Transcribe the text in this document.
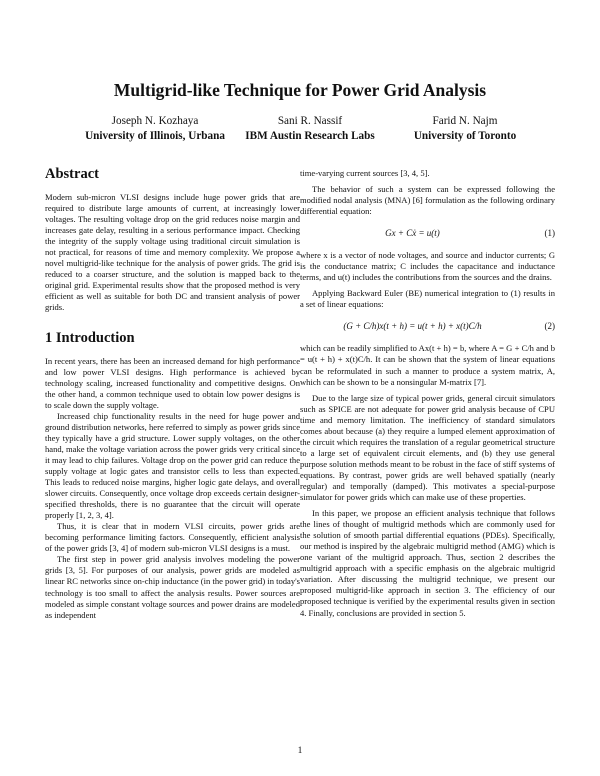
Multigrid-like Technique for Power Grid Analysis
Joseph N. Kozhaya
University of Illinois, Urbana
Sani R. Nassif
IBM Austin Research Labs
Farid N. Najm
University of Toronto
Abstract

Modern sub-micron VLSI designs include huge power grids that are required to distribute large amounts of current, at increasingly lower voltages. The resulting voltage drop on the grid reduces noise margin and increases gate delay, resulting in a serious performance impact. Checking the integrity of the supply voltage using traditional circuit simulation is not practical, for reasons of time and memory complexity. We propose a novel multigrid-like technique for the analysis of power grids. The grid is reduced to a coarser structure, and the solution is mapped back to the original grid. Experimental results show that the proposed method is very efficient as well as suitable for both DC and transient analysis of power grids.

1 Introduction

In recent years, there has been an increased demand for high performance and low power VLSI designs. High performance is achieved by technology scaling, increased functionality and competitive designs. On the other hand, a common technique used to obtain low power designs is to scale down the supply voltage.

Increased chip functionality results in the need for huge power and ground distribution networks, here referred to simply as power grids since they typically have a grid structure. Lower supply voltages, on the other hand, make the voltage variation across the power grids very critical since it may lead to chip failures. Voltage drop on the power grid can reduce the supply voltage at logic gates and transistor cells to less than expected. This leads to reduced noise margins, higher logic gate delays, and overall slower circuits. Consequently, once voltage drop exceeds certain designer-specified thresholds, there is no guarantee that the circuit will operate properly [1, 2, 3, 4].

Thus, it is clear that in modern VLSI circuits, power grids are becoming performance limiting factors. Consequently, efficient analysis of the power grids [3, 4] of modern sub-micron VLSI designs is a must.

The first step in power grid analysis involves modeling the power grids [3, 5]. For purposes of our analysis, power grids are modeled as linear RC networks since on-chip inductance (in the power grid) in today's technology is too small to affect the analysis results. Power sources are modeled as simple constant voltage sources and power drains are modeled as independent

time-varying current sources [3, 4, 5].

The behavior of such a system can be expressed following the modified nodal analysis (MNA) [6] formulation as the following ordinary differential equation:

Gx + Cẋ = u(t)	(1)

where x is a vector of node voltages, and source and inductor currents; G is the conductance matrix; C includes the capacitance and inductance terms, and u(t) includes the contributions from the sources and the drains.

Applying Backward Euler (BE) numerical integration to (1) results in a set of linear equations:

(G + C/h)x(t + h) = u(t + h) + x(t)C/h	(2)

which can be readily simplified to Ax(t + h) = b, where A = G + C/h and b = u(t + h) + x(t)C/h. It can be shown that the system of linear equations can be reformulated in such a manner to produce a system matrix, A, which can be shown to be a nonsingular M-matrix [7].

Due to the large size of typical power grids, general circuit simulators such as SPICE are not adequate for power grid analysis because of CPU time and memory limitation. The inefficiency of standard simulators comes about because (a) they require a lumped element approximation of the circuit which requires the translation of a regular geometrical structure to a large set of equivalent circuit elements, and (b) they use general purpose solution methods meant to be robust in the face of stiff systems of equations. By contrast, power grids are well behaved spatially (nearly regular) and temporally (damped). This motivates a special-purpose simulator for power grids which can make use of these properties.

In this paper, we propose an efficient analysis technique that follows the lines of thought of multigrid methods which are commonly used for the solution of smooth partial differential equations (PDEs). Specifically, our method is inspired by the algebraic multigrid method (AMG) which is one variant of the multigrid approach. Thus, section 2 describes the multigrid approach with a specific emphasis on the algebraic multigrid variation. After discussing the multigrid technique, we present our proposed multigrid-like approach in section 3. The efficiency of our proposed technique is verified by the experimental results given in section 4. Finally, conclusions are provided in section 5.

1
